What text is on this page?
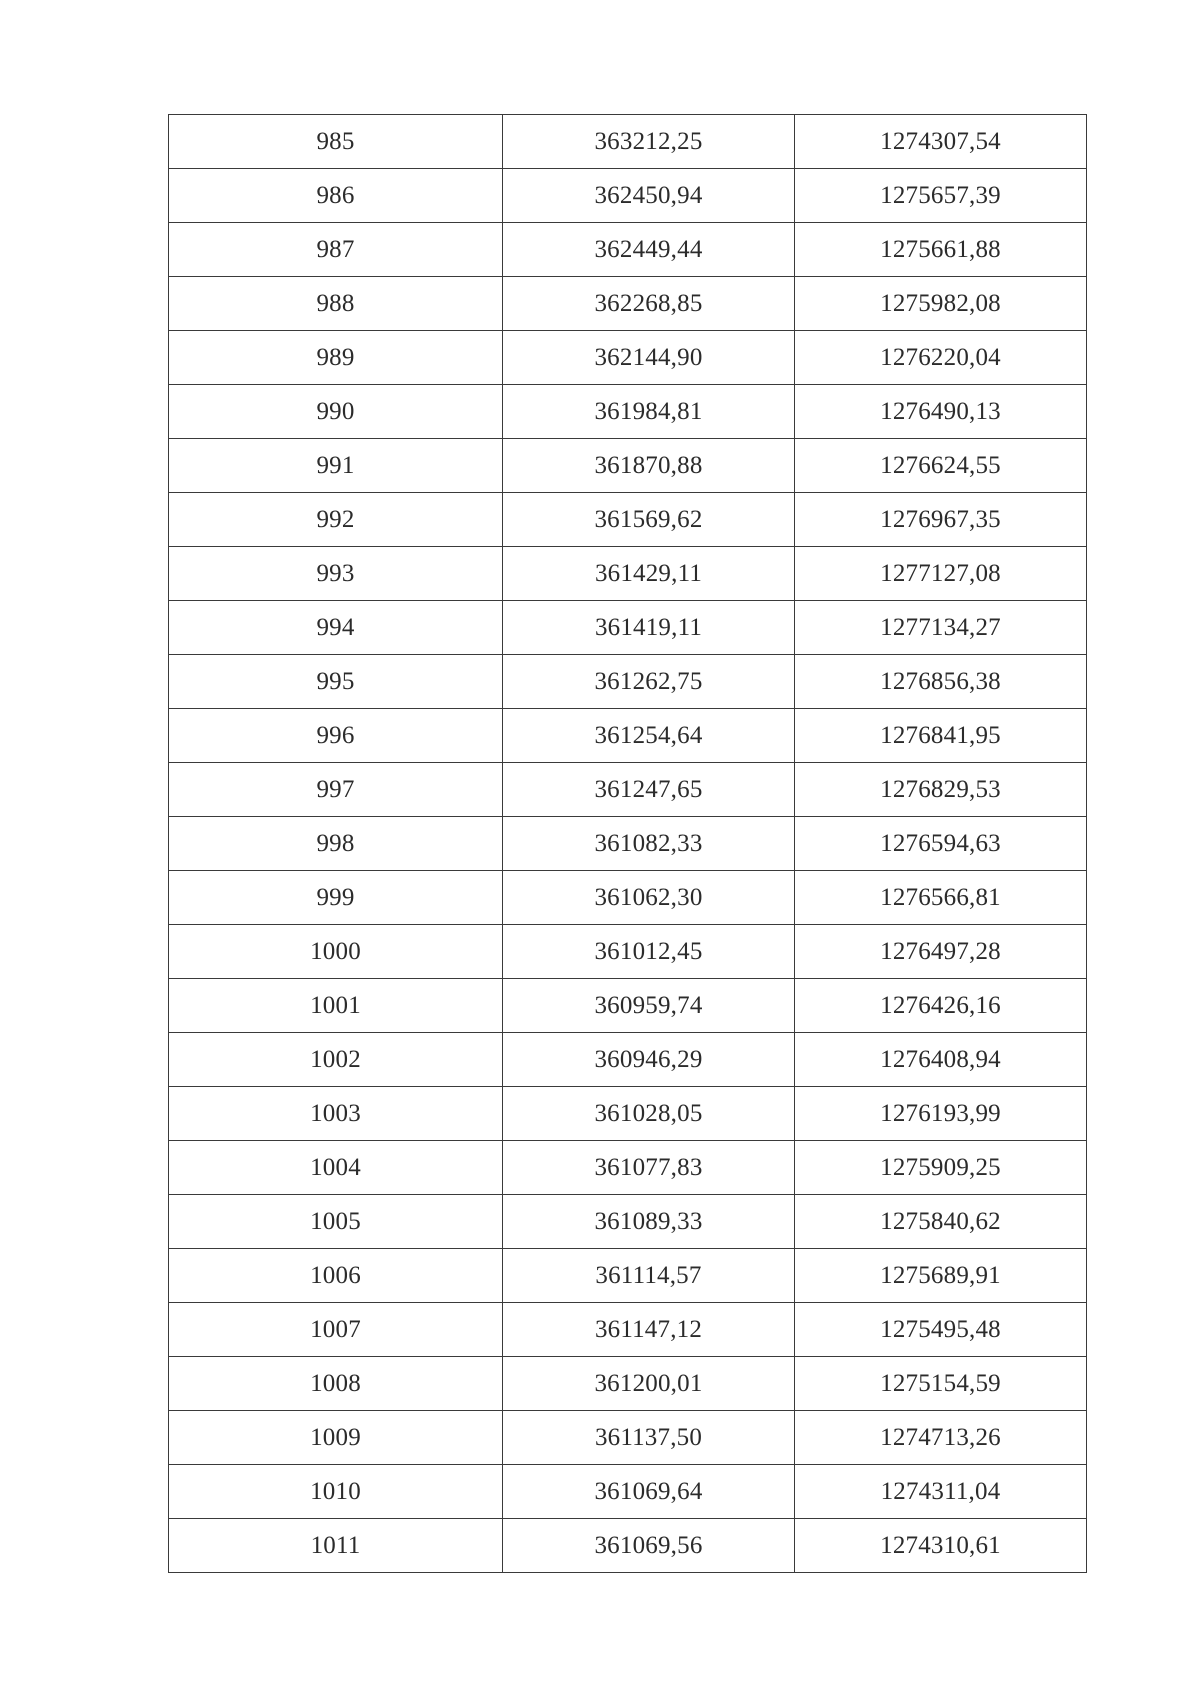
985	363212,25	1274307,54
986	362450,94	1275657,39
987	362449,44	1275661,88
988	362268,85	1275982,08
989	362144,90	1276220,04
990	361984,81	1276490,13
991	361870,88	1276624,55
992	361569,62	1276967,35
993	361429,11	1277127,08
994	361419,11	1277134,27
995	361262,75	1276856,38
996	361254,64	1276841,95
997	361247,65	1276829,53
998	361082,33	1276594,63
999	361062,30	1276566,81
1000	361012,45	1276497,28
1001	360959,74	1276426,16
1002	360946,29	1276408,94
1003	361028,05	1276193,99
1004	361077,83	1275909,25
1005	361089,33	1275840,62
1006	361114,57	1275689,91
1007	361147,12	1275495,48
1008	361200,01	1275154,59
1009	361137,50	1274713,26
1010	361069,64	1274311,04
1011	361069,56	1274310,61
